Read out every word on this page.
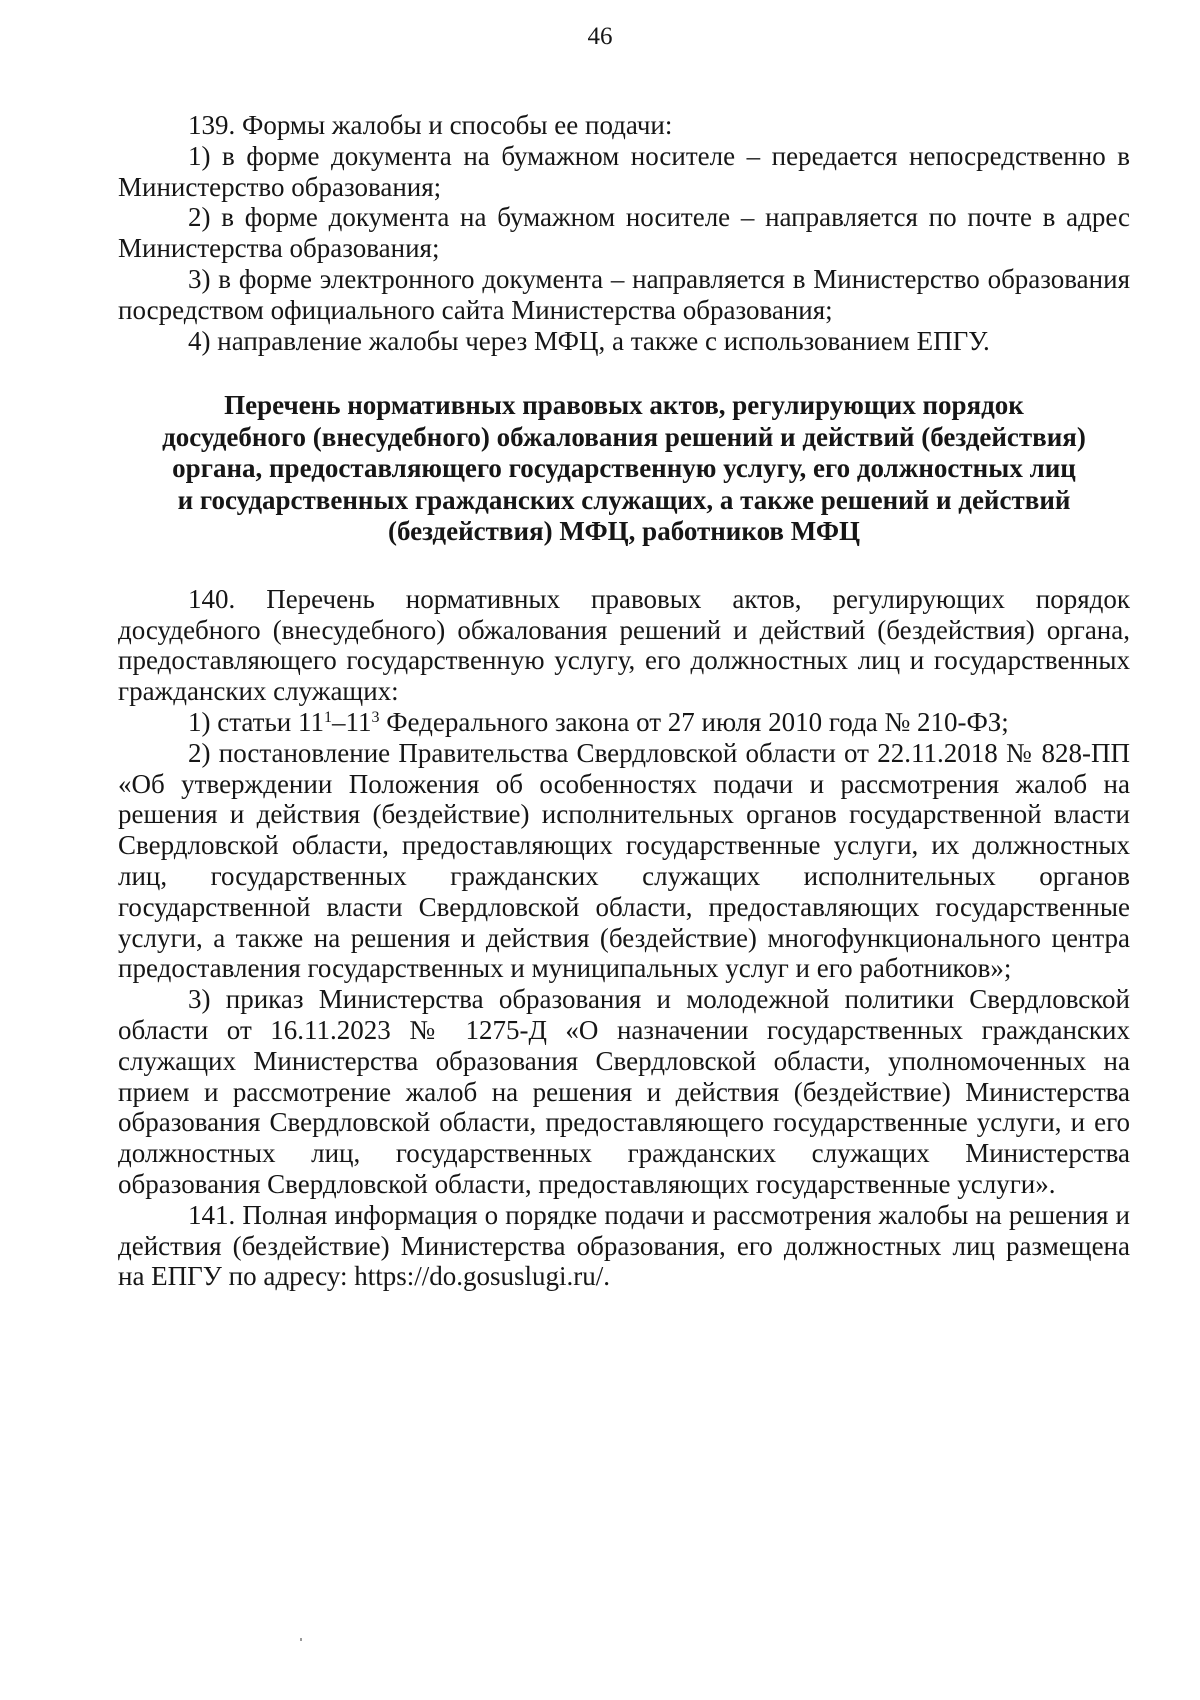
46

139. Формы жалобы и способы ее подачи:

1) в форме документа на бумажном носителе – передается непосредственно в Министерство образования;

2) в форме документа на бумажном носителе – направляется по почте в адрес Министерства образования;

3) в форме электронного документа – направляется в Министерство образования посредством официального сайта Министерства образования;

4) направление жалобы через МФЦ, а также с использованием ЕПГУ.

Перечень нормативных правовых актов, регулирующих порядок
досудебного (внесудебного) обжалования решений и действий (бездействия)
органа, предоставляющего государственную услугу, его должностных лиц
и государственных гражданских служащих, а также решений и действий
(бездействия) МФЦ, работников МФЦ

140. Перечень нормативных правовых актов, регулирующих порядок досудебного (внесудебного) обжалования решений и действий (бездействия) органа, предоставляющего государственную услугу, его должностных лиц и государственных гражданских служащих:

1) статьи $11^1-11^3$ Федерального закона от 27 июля 2010 года № 210-ФЗ;

2) постановление Правительства Свердловской области от 22.11.2018 № 828-ПП «Об утверждении Положения об особенностях подачи и рассмотрения жалоб на решения и действия (бездействие) исполнительных органов государственной власти Свердловской области, предоставляющих государственные услуги, их должностных лиц, государственных гражданских служащих исполнительных органов государственной власти Свердловской области, предоставляющих государственные услуги, а также на решения и действия (бездействие) многофункционального центра предоставления государственных и муниципальных услуг и его работников»;

3) приказ Министерства образования и молодежной политики Свердловской области от 16.11.2023 № 1275-Д «О назначении государственных гражданских служащих Министерства образования Свердловской области, уполномоченных на прием и рассмотрение жалоб на решения и действия (бездействие) Министерства образования Свердловской области, предоставляющего государственные услуги, и его должностных лиц, государственных гражданских служащих Министерства образования Свердловской области, предоставляющих государственные услуги».

141. Полная информация о порядке подачи и рассмотрения жалобы на решения и действия (бездействие) Министерства образования, его должностных лиц размещена на ЕПГУ по адресу: https://do.gosuslugi.ru/.
